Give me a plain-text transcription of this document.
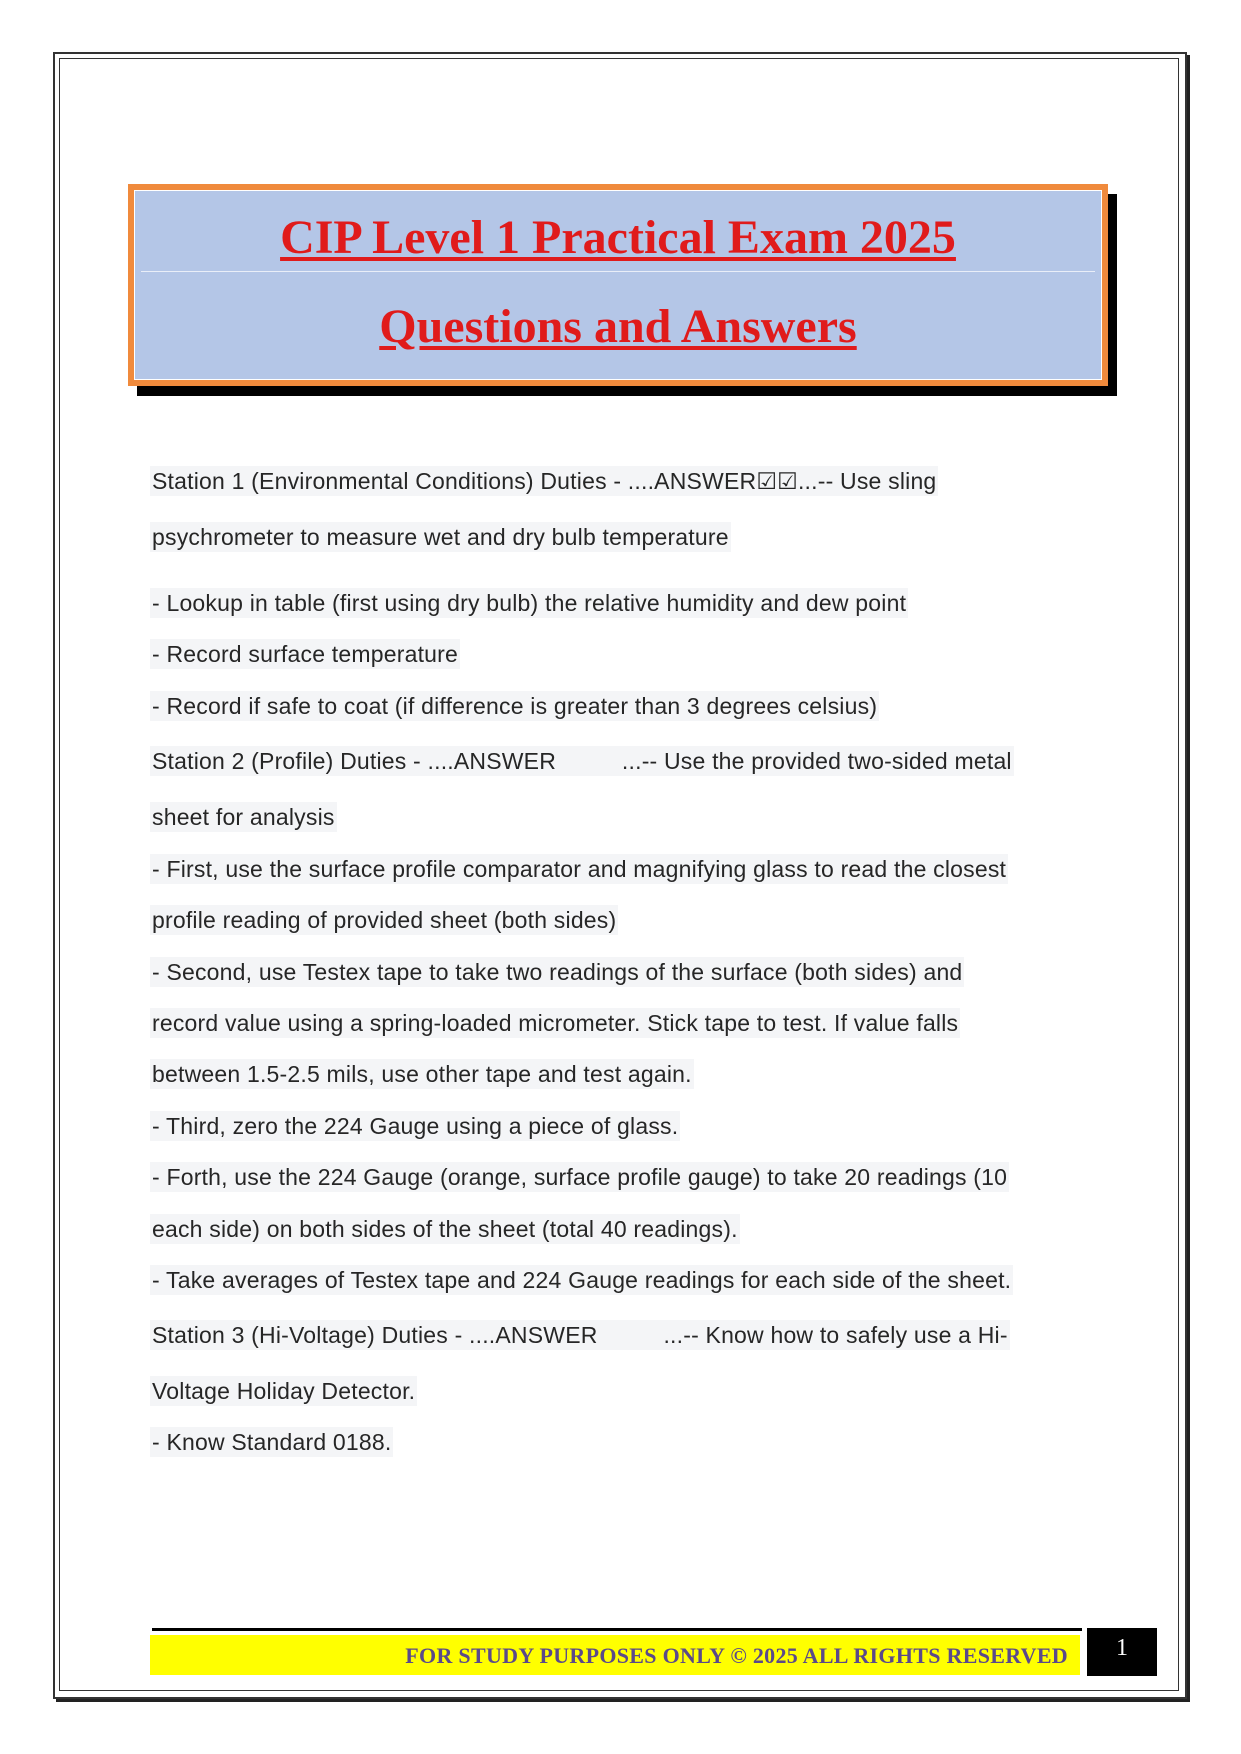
CIP Level 1 Practical Exam 2025

Questions and Answers

Station 1 (Environmental Conditions) Duties - ....ANSWER☑☑...-- Use sling
psychrometer to measure wet and dry bulb temperature
- Lookup in table (first using dry bulb) the relative humidity and dew point
- Record surface temperature
- Record if safe to coat (if difference is greater than 3 degrees celsius)
Station 2 (Profile) Duties - ....ANSWER          ...-- Use the provided two-sided metal
sheet for analysis
- First, use the surface profile comparator and magnifying glass to read the closest
profile reading of provided sheet (both sides)
- Second, use Testex tape to take two readings of the surface (both sides) and
record value using a spring-loaded micrometer. Stick tape to test. If value falls
between 1.5-2.5 mils, use other tape and test again.
- Third, zero the 224 Gauge using a piece of glass.
- Forth, use the 224 Gauge (orange, surface profile gauge) to take 20 readings (10
each side) on both sides of the sheet (total 40 readings).
- Take averages of Testex tape and 224 Gauge readings for each side of the sheet.
Station 3 (Hi-Voltage) Duties - ....ANSWER          ...-- Know how to safely use a Hi-
Voltage Holiday Detector.
- Know Standard 0188.
FOR STUDY PURPOSES ONLY © 2025 ALL RIGHTS RESERVED	1
